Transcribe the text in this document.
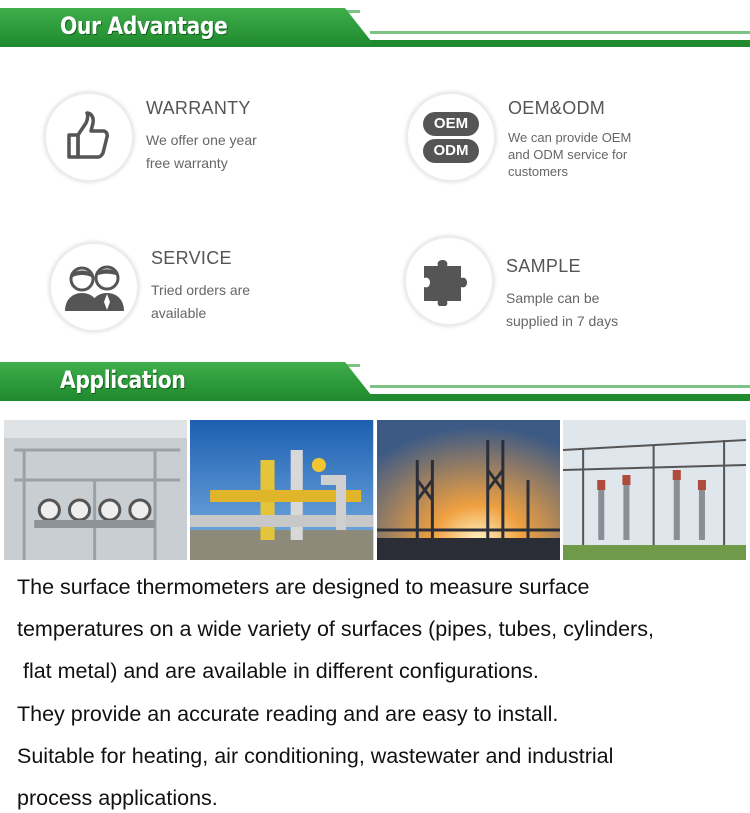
Our Advantage
WARRANTY
We offer one year
free warranty
OEM
ODM
OEM&ODM
We can provide OEM
and ODM service for
customers
SERVICE
Tried orders are
available
SAMPLE
Sample can be
supplied in 7 days
Application

The surface thermometers are designed to measure surface

temperatures on a wide variety of surfaces (pipes, tubes, cylinders,

flat metal) and are available in different configurations.

They provide an accurate reading and are easy to install.

Suitable for heating, air conditioning, wastewater and industrial

process applications.
